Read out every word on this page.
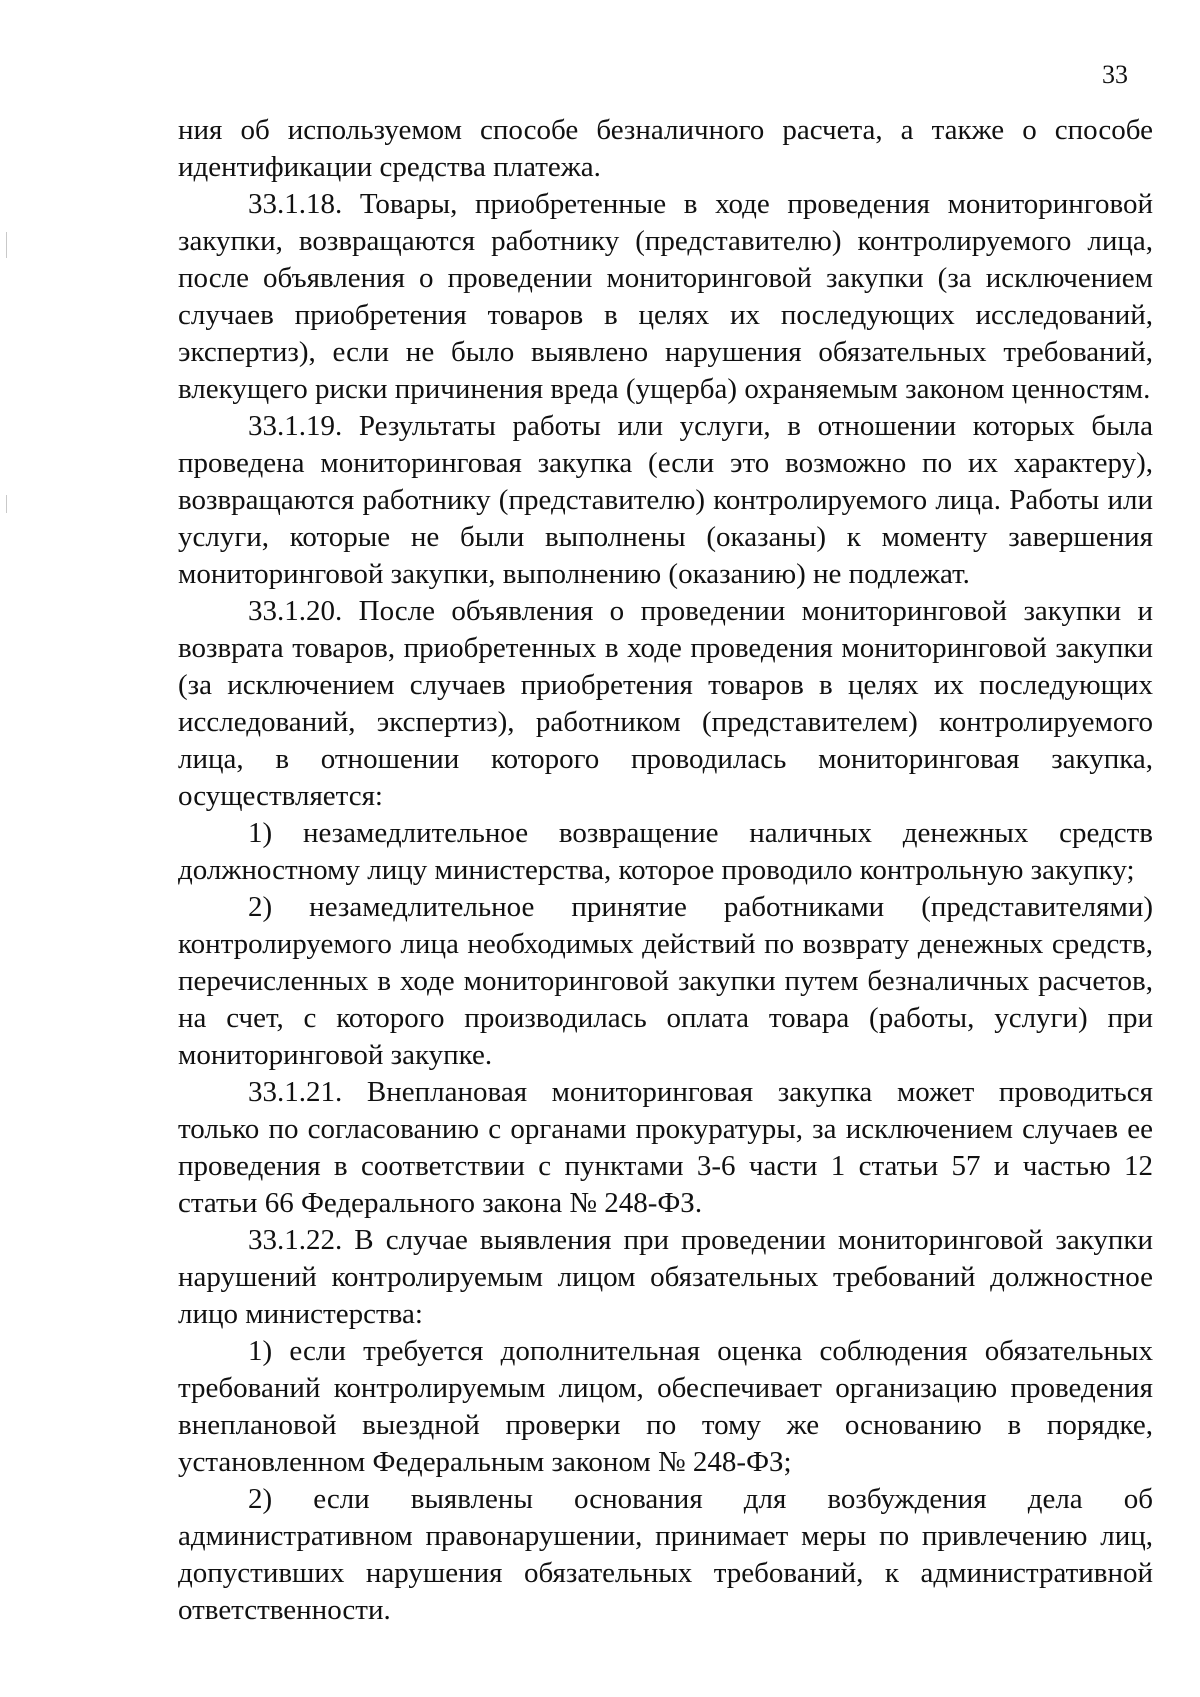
33

ния об используемом способе безналичного расчета, а также о способе идентификации средства платежа.

33.1.18. Товары, приобретенные в ходе проведения мониторинговой закупки, возвращаются работнику (представителю) контролируемого лица, после объявления о проведении мониторинговой закупки (за исключением случаев приобретения товаров в целях их последующих исследований, экспертиз), если не было выявлено нарушения обязательных требований, влекущего риски причинения вреда (ущерба) охраняемым законом ценностям.

33.1.19. Результаты работы или услуги, в отношении которых была проведена мониторинговая закупка (если это возможно по их характеру), возвращаются работнику (представителю) контролируемого лица. Работы или услуги, которые не были выполнены (оказаны) к моменту завершения мониторинговой закупки, выполнению (оказанию) не подлежат.

33.1.20. После объявления о проведении мониторинговой закупки и возврата товаров, приобретенных в ходе проведения мониторинговой закупки (за исключением случаев приобретения товаров в целях их последующих исследований, экспертиз), работником (представителем) контролируемого лица, в отношении которого проводилась мониторинговая закупка, осуществляется:

1) незамедлительное возвращение наличных денежных средств должностному лицу министерства, которое проводило контрольную закупку;

2) незамедлительное принятие работниками (представителями) контролируемого лица необходимых действий по возврату денежных средств, перечисленных в ходе мониторинговой закупки путем безналичных расчетов, на счет, с которого производилась оплата товара (работы, услуги) при мониторинговой закупке.

33.1.21. Внеплановая мониторинговая закупка может проводиться только по согласованию с органами прокуратуры, за исключением случаев ее проведения в соответствии с пунктами 3-6 части 1 статьи 57 и частью 12 статьи 66 Федерального закона № 248-ФЗ.

33.1.22. В случае выявления при проведении мониторинговой закупки нарушений контролируемым лицом обязательных требований должностное лицо министерства:

1) если требуется дополнительная оценка соблюдения обязательных требований контролируемым лицом, обеспечивает организацию проведения внеплановой выездной проверки по тому же основанию в порядке, установленном Федеральным законом № 248-ФЗ;

2) если выявлены основания для возбуждения дела об административном правонарушении, принимает меры по привлечению лиц, допустивших нарушения обязательных требований, к административной ответственности.
